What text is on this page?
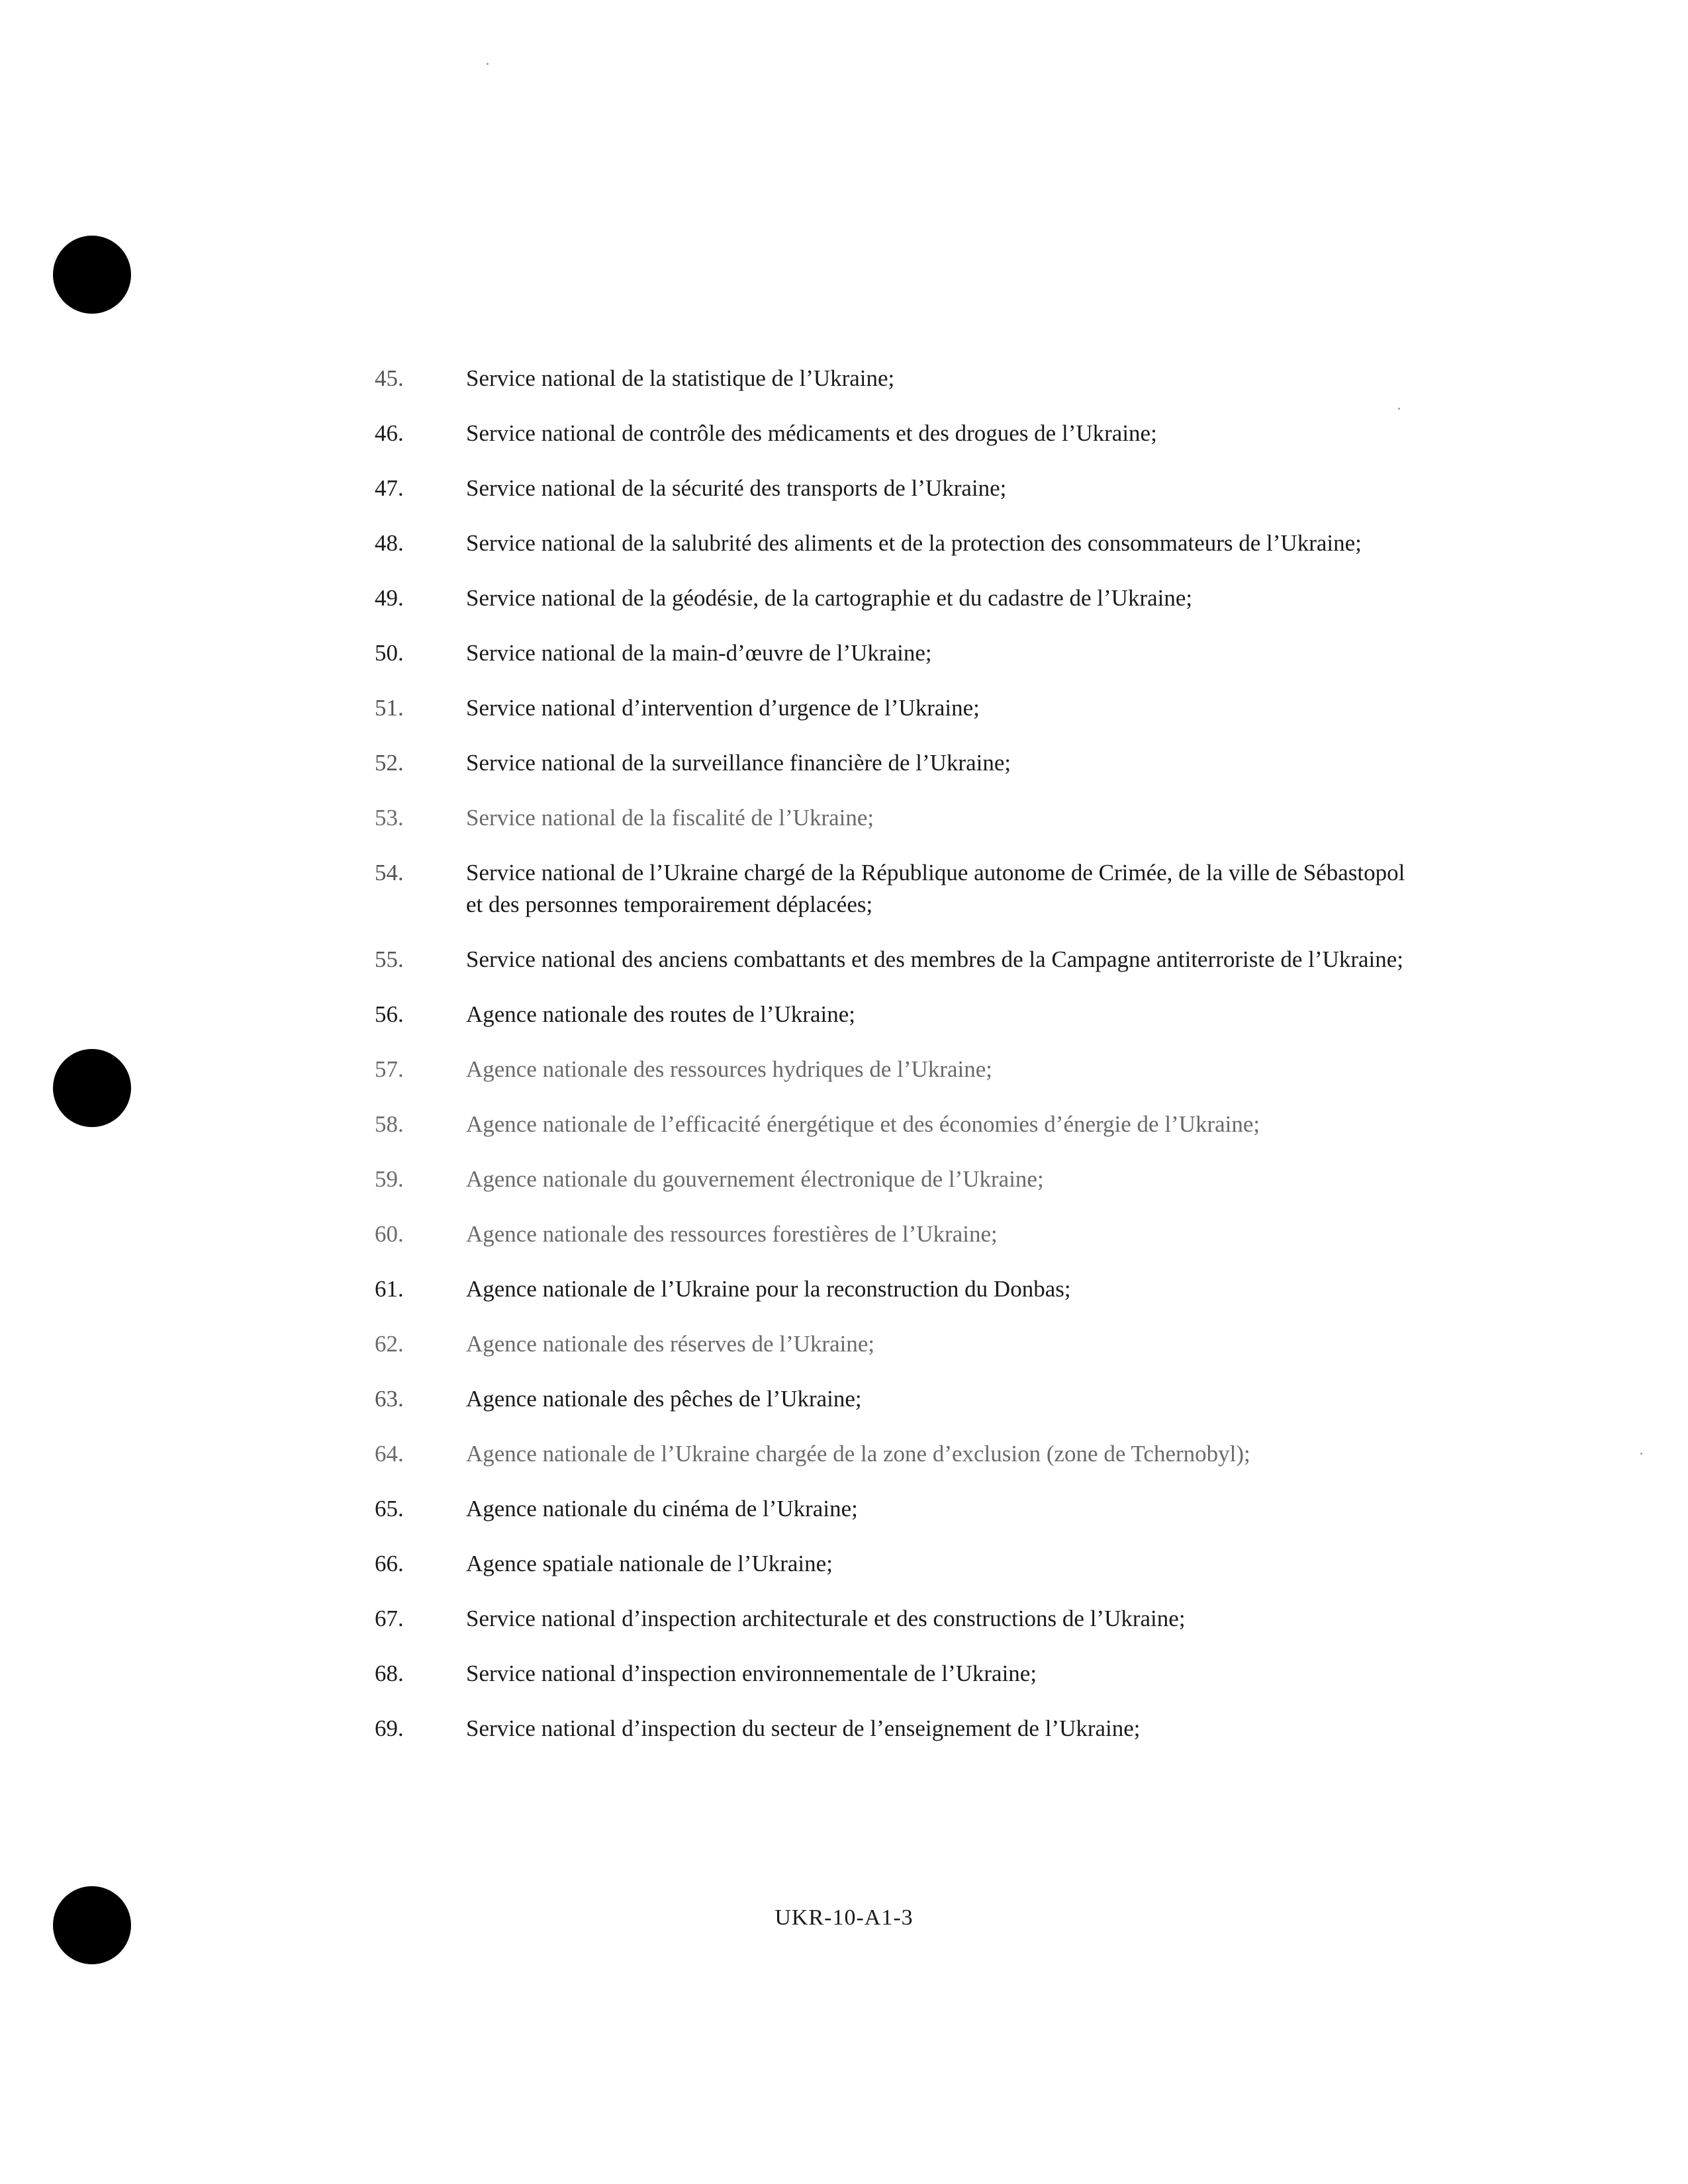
45.	Service national de la statistique de l’Ukraine;
46.	Service national de contrôle des médicaments et des drogues de l’Ukraine;
47.	Service national de la sécurité des transports de l’Ukraine;
48.	Service national de la salubrité des aliments et de la protection des consommateurs de l’Ukraine;
49.	Service national de la géodésie, de la cartographie et du cadastre de l’Ukraine;
50.	Service national de la main-d’œuvre de l’Ukraine;
51.	Service national d’intervention d’urgence de l’Ukraine;
52.	Service national de la surveillance financière de l’Ukraine;
53.	Service national de la fiscalité de l’Ukraine;
54.	Service national de l’Ukraine chargé de la République autonome de Crimée, de la ville de Sébastopol et des personnes temporairement déplacées;
55.	Service national des anciens combattants et des membres de la Campagne antiterroriste de l’Ukraine;
56.	Agence nationale des routes de l’Ukraine;
57.	Agence nationale des ressources hydriques de l’Ukraine;
58.	Agence nationale de l’efficacité énergétique et des économies d’énergie de l’Ukraine;
59.	Agence nationale du gouvernement électronique de l’Ukraine;
60.	Agence nationale des ressources forestières de l’Ukraine;
61.	Agence nationale de l’Ukraine pour la reconstruction du Donbas;
62.	Agence nationale des réserves de l’Ukraine;
63.	Agence nationale des pêches de l’Ukraine;
64.	Agence nationale de l’Ukraine chargée de la zone d’exclusion (zone de Tchernobyl);
65.	Agence nationale du cinéma de l’Ukraine;
66.	Agence spatiale nationale de l’Ukraine;
67.	Service national d’inspection architecturale et des constructions de l’Ukraine;
68.	Service national d’inspection environnementale de l’Ukraine;
69.	Service national d’inspection du secteur de l’enseignement de l’Ukraine;
UKR-10-A1-3
